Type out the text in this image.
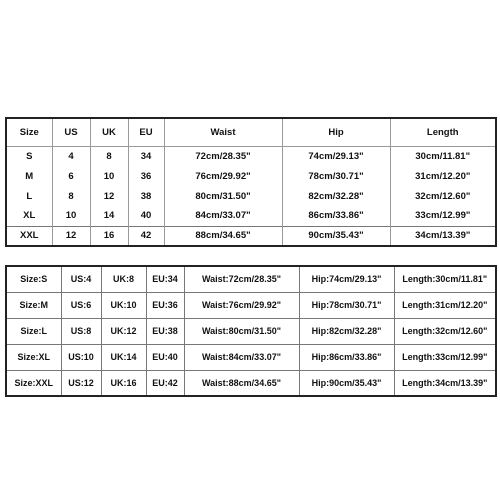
Size	US	UK	EU	Waist	Hip	Length
S	4	8	34	72cm/28.35"	74cm/29.13"	30cm/11.81"
M	6	10	36	76cm/29.92"	78cm/30.71"	31cm/12.20"
L	8	12	38	80cm/31.50"	82cm/32.28"	32cm/12.60"
XL	10	14	40	84cm/33.07"	86cm/33.86"	33cm/12.99"
XXL	12	16	42	88cm/34.65"	90cm/35.43"	34cm/13.39"
Size:S	US:4	UK:8	EU:34	Waist:72cm/28.35"	Hip:74cm/29.13"	Length:30cm/11.81"
Size:M	US:6	UK:10	EU:36	Waist:76cm/29.92"	Hip:78cm/30.71"	Length:31cm/12.20"
Size:L	US:8	UK:12	EU:38	Waist:80cm/31.50"	Hip:82cm/32.28"	Length:32cm/12.60"
Size:XL	US:10	UK:14	EU:40	Waist:84cm/33.07"	Hip:86cm/33.86"	Length:33cm/12.99"
Size:XXL	US:12	UK:16	EU:42	Waist:88cm/34.65"	Hip:90cm/35.43"	Length:34cm/13.39"
